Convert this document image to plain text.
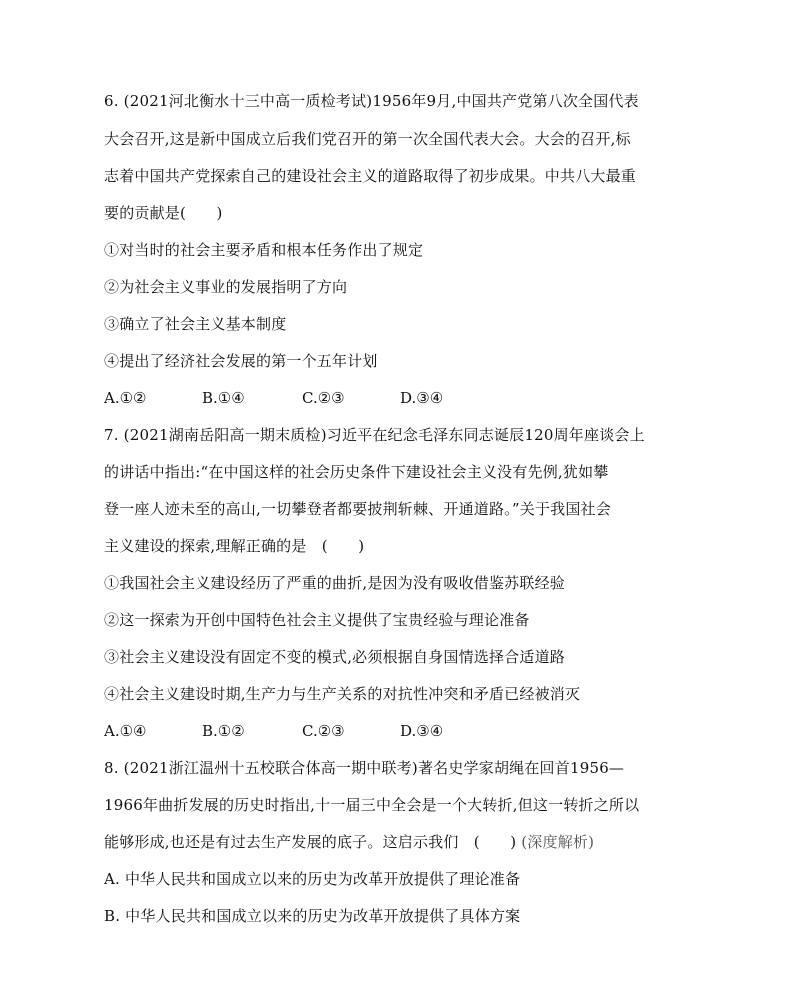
6. (2021河北衡水十三中高一质检考试)1956年9月,中国共产党第八次全国代表
大会召开,这是新中国成立后我们党召开的第一次全国代表大会。大会的召开,标
志着中国共产党探索自己的建设社会主义的道路取得了初步成果。中共八大最重
要的贡献是(　　)
①对当时的社会主要矛盾和根本任务作出了规定
②为社会主义事业的发展指明了方向
③确立了社会主义基本制度
④提出了经济社会发展的第一个五年计划
A.①②	B.①④	C.②③	D.③④
7. (2021湖南岳阳高一期末质检)习近平在纪念毛泽东同志诞辰120周年座谈会上
的讲话中指出:“在中国这样的社会历史条件下建设社会主义没有先例,犹如攀
登一座人迹未至的高山,一切攀登者都要披荆斩棘、开通道路。”关于我国社会
主义建设的探索,理解正确的是　(　　)
①我国社会主义建设经历了严重的曲折,是因为没有吸收借鉴苏联经验
②这一探索为开创中国特色社会主义提供了宝贵经验与理论准备
③社会主义建设没有固定不变的模式,必须根据自身国情选择合适道路
④社会主义建设时期,生产力与生产关系的对抗性冲突和矛盾已经被消灭
A.①④	B.①②	C.②③	D.③④
8. (2021浙江温州十五校联合体高一期中联考)著名史学家胡绳在回首1956—
1966年曲折发展的历史时指出,十一届三中全会是一个大转折,但这一转折之所以
能够形成,也还是有过去生产发展的底子。这启示我们　(　　) (深度解析)
A. 中华人民共和国成立以来的历史为改革开放提供了理论准备
B. 中华人民共和国成立以来的历史为改革开放提供了具体方案
